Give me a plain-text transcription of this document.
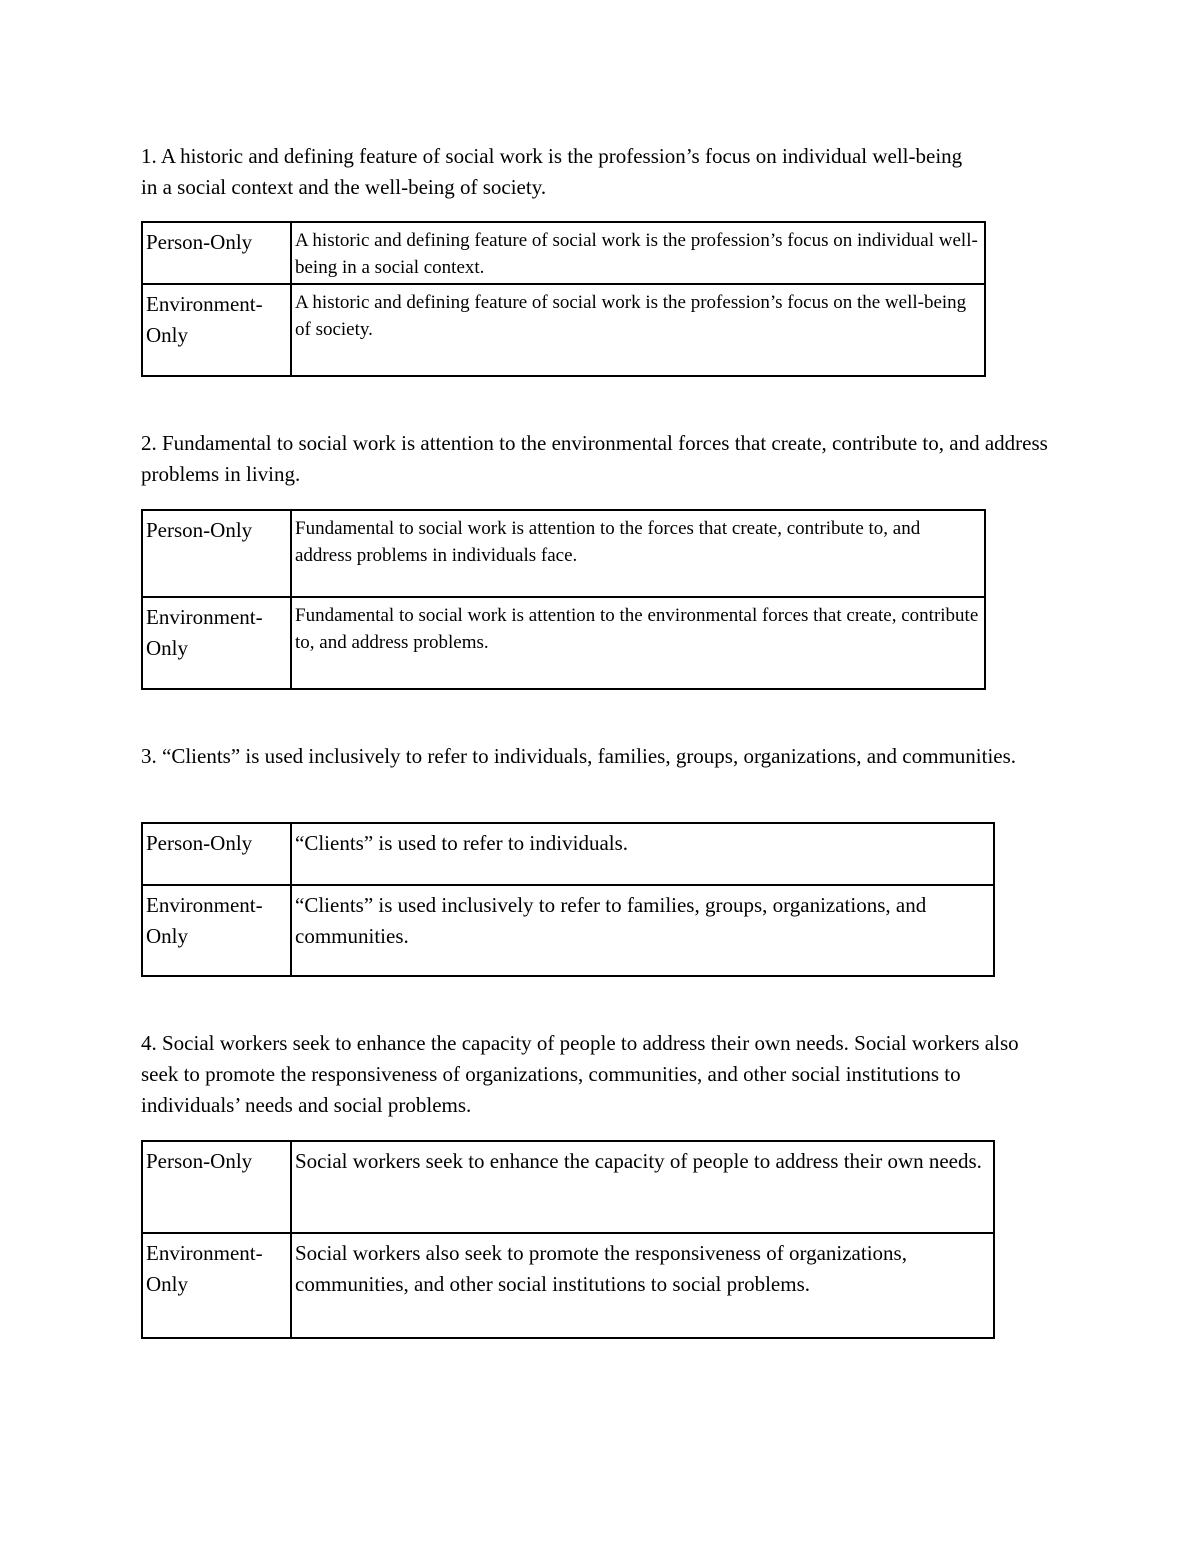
1. A historic and defining feature of social work is the profession’s focus on individual well-being in a social context and the well-being of society.

Person-Only	A historic and defining feature of social work is the profession’s focus on individual well-being in a social context.
Environment-Only	A historic and defining feature of social work is the profession’s focus on the well-being of society.

2. Fundamental to social work is attention to the environmental forces that create, contribute to, and address problems in living.

Person-Only	Fundamental to social work is attention to the forces that create, contribute to, and address problems in individuals face.
Environment-Only	Fundamental to social work is attention to the environmental forces that create, contribute to, and address problems.

3. “Clients” is used inclusively to refer to individuals, families, groups, organizations, and communities.

Person-Only	“Clients” is used to refer to individuals.
Environment-Only	“Clients” is used inclusively to refer to families, groups, organizations, and communities.

4. Social workers seek to enhance the capacity of people to address their own needs. Social workers also seek to promote the responsiveness of organizations, communities, and other social institutions to individuals’ needs and social problems.

Person-Only	Social workers seek to enhance the capacity of people to address their own needs.
Environment-Only	Social workers also seek to promote the responsiveness of organizations, communities, and other social institutions to social problems.
